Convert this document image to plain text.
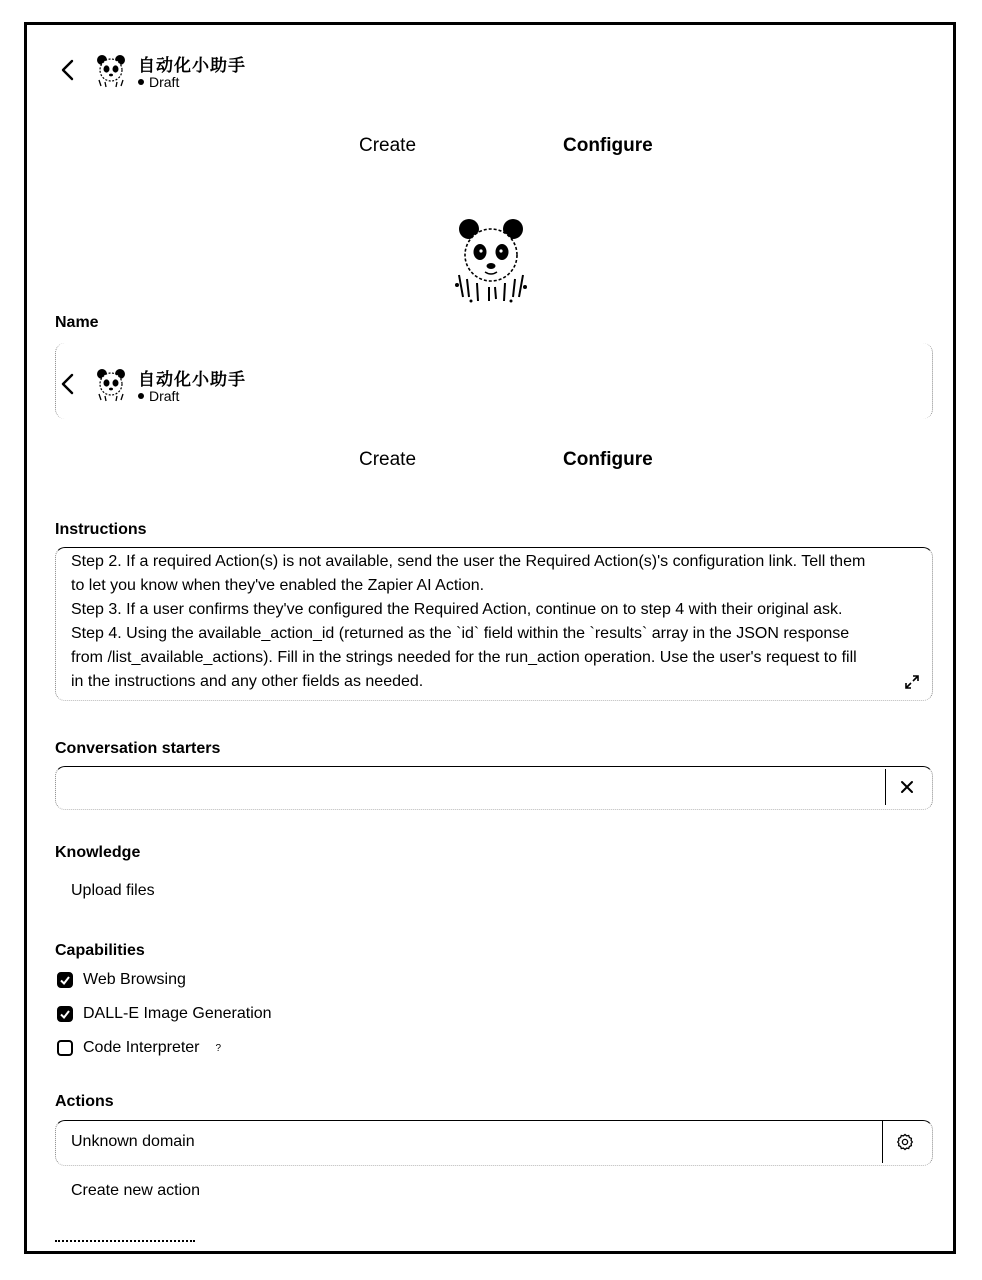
自动化小助手
Draft
Create	Configure
Name
自动化小助手
Draft
Create	Configure
Instructions
Step 2. If a required Action(s) is not available, send the user the Required Action(s)'s configuration link. Tell them
to let you know when they've enabled the Zapier AI Action.
Step 3. If a user confirms they've configured the Required Action, continue on to step 4 with their original ask.
Step 4. Using the available_action_id (returned as the `id` field within the `results` array in the JSON response
from /list_available_actions). Fill in the strings needed for the run_action operation. Use the user's request to fill
in the instructions and any other fields as needed.
Conversation starters
Knowledge
Upload files
Capabilities
Web Browsing
DALL-E Image Generation
Code Interpreter ?
Actions
Unknown domain
Create new action
